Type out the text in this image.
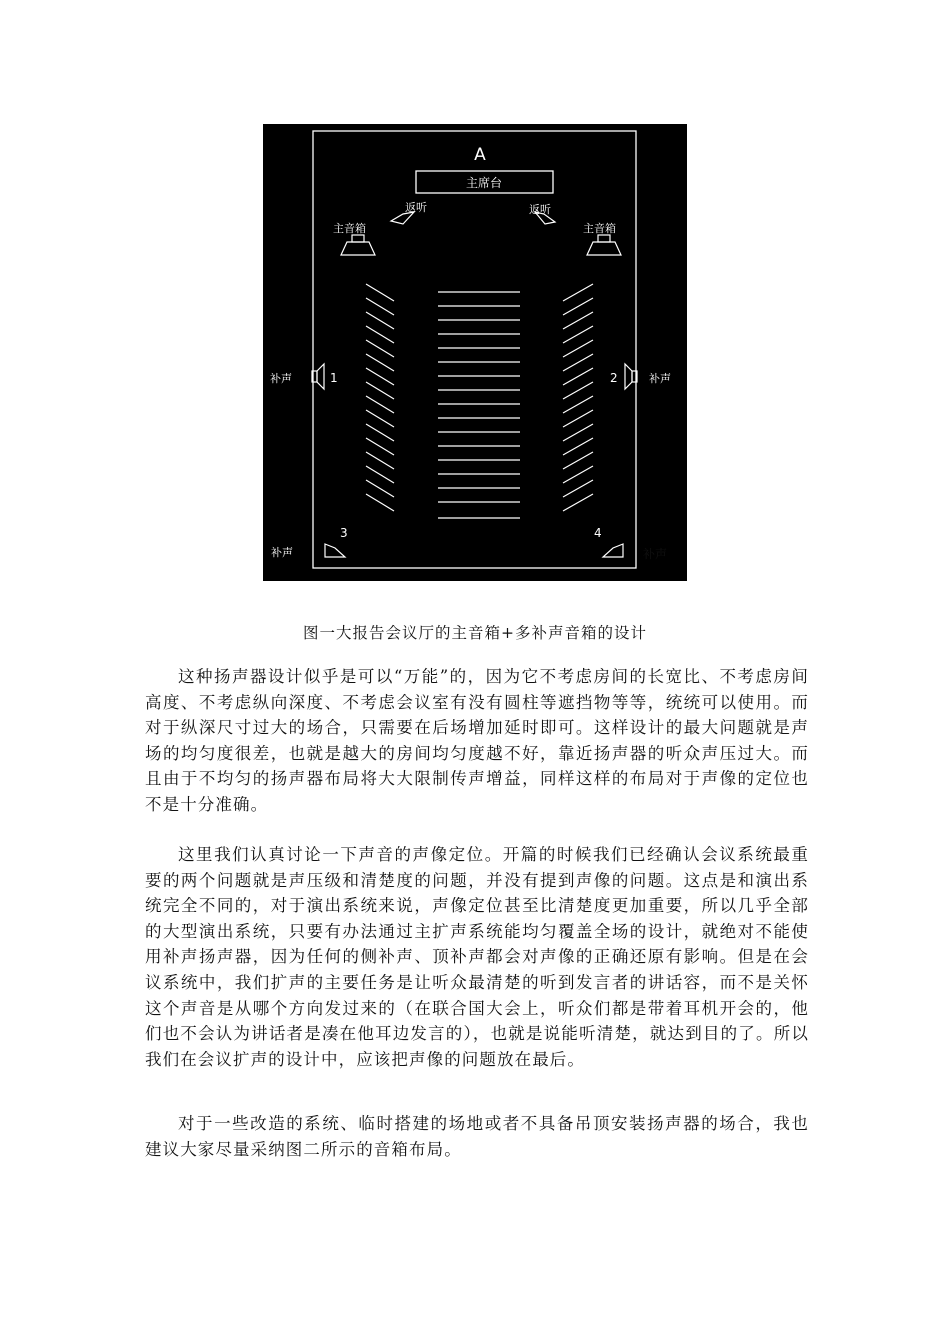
A
主席台
返听	返听
主音箱	主音箱
补声	1	补声
2
3
补声
4
补声
图一大报告会议厅的主音箱+多补声音箱的设计

这种扬声器设计似乎是可以“万能”的，因为它不考虑房间的长宽比、不考虑房间高度、不考虑纵向深度、不考虑会议室有没有圆柱等遮挡物等等，统统可以使用。而对于纵深尺寸过大的场合，只需要在后场增加延时即可。这样设计的最大问题就是声场的均匀度很差，也就是越大的房间均匀度越不好，靠近扬声器的听众声压过大。而且由于不均匀的扬声器布局将大大限制传声增益，同样这样的布局对于声像的定位也不是十分准确。

这里我们认真讨论一下声音的声像定位。开篇的时候我们已经确认会议系统最重要的两个问题就是声压级和清楚度的问题，并没有提到声像的问题。这点是和演出系统完全不同的，对于演出系统来说，声像定位甚至比清楚度更加重要，所以几乎全部的大型演出系统，只要有办法通过主扩声系统能均匀覆盖全场的设计，就绝对不能使用补声扬声器，因为任何的侧补声、顶补声都会对声像的正确还原有影响。但是在会议系统中，我们扩声的主要任务是让听众最清楚的听到发言者的讲话容，而不是关怀这个声音是从哪个方向发过来的（在联合国大会上，听众们都是带着耳机开会的，他们也不会认为讲话者是凑在他耳边发言的），也就是说能听清楚，就达到目的了。所以我们在会议扩声的设计中，应该把声像的问题放在最后。

对于一些改造的系统、临时搭建的场地或者不具备吊顶安装扬声器的场合，我也建议大家尽量采纳图二所示的音箱布局。
